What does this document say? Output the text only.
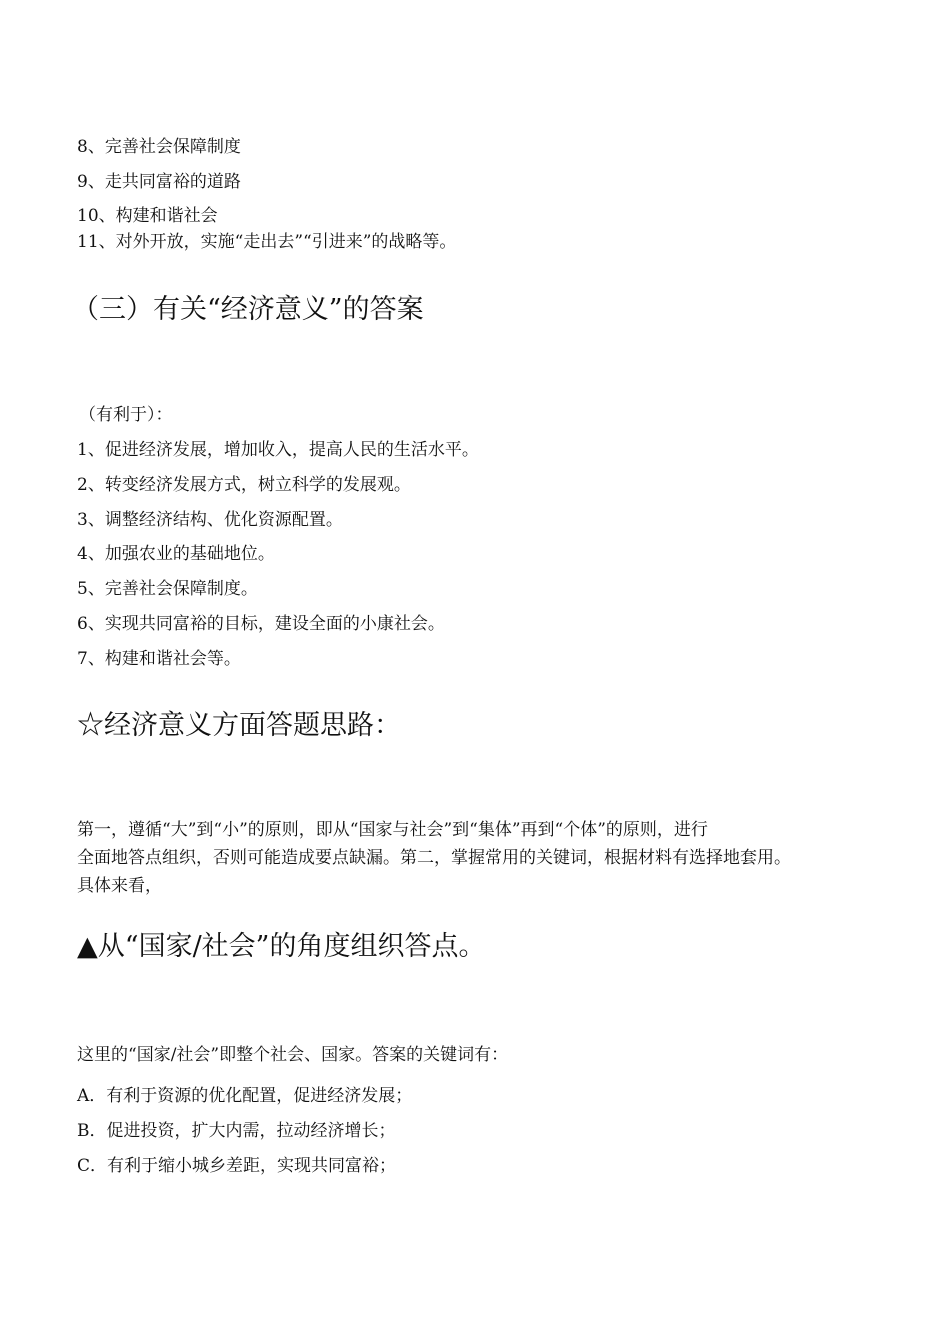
8、完善社会保障制度
9、走共同富裕的道路
10、构建和谐社会
11、对外开放，实施“走出去”“引进来”的战略等。
（三）有关“经济意义”的答案
（有利于）：
1、促进经济发展，增加收入，提高人民的生活水平。
2、转变经济发展方式，树立科学的发展观。
3、调整经济结构、优化资源配置。
4、加强农业的基础地位。
5、完善社会保障制度。
6、实现共同富裕的目标，建设全面的小康社会。
7、构建和谐社会等。
☆经济意义方面答题思路：
第一，遵循“大”到“小”的原则，即从“国家与社会”到“集体”再到“个体”的原则，进行
全面地答点组织，否则可能造成要点缺漏。第二，掌握常用的关键词，根据材料有选择地套用。
具体来看，
▲从“国家/社会”的角度组织答点。
这里的“国家/社会”即整个社会、国家。答案的关键词有：
A．有利于资源的优化配置，促进经济发展；
B．促进投资，扩大内需，拉动经济增长；
C．有利于缩小城乡差距，实现共同富裕；
